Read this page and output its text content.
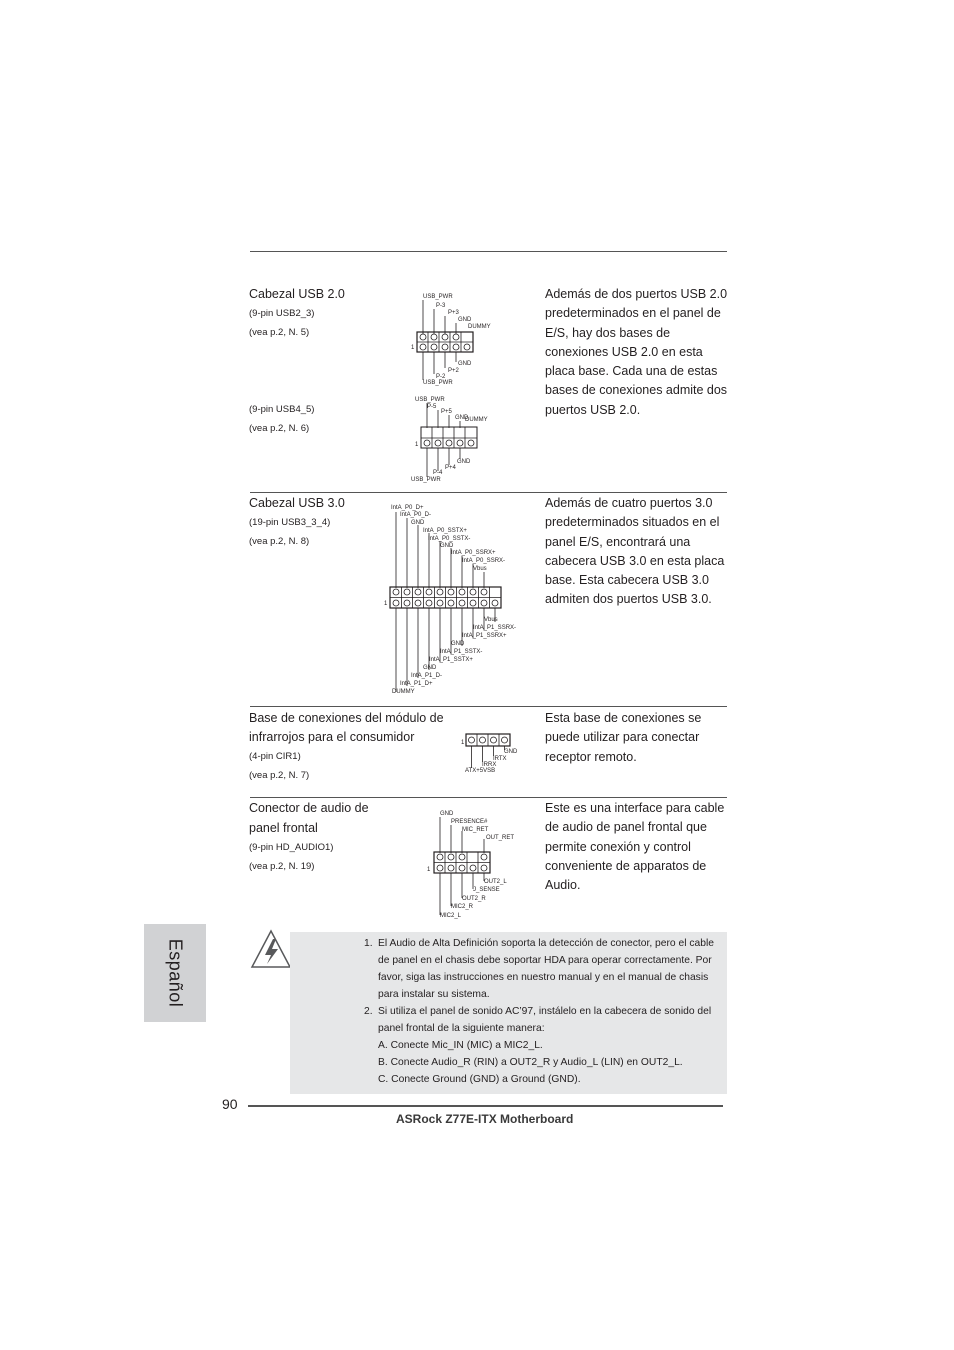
Cabezal USB 2.0
(9-pin USB2_3)
(vea p.2, N. 5)
(9-pin USB4_5)
(vea p.2, N. 6)
Además de dos puertos USB 2.0 predeterminados en el panel de E/S, hay dos bases de conexiones USB 2.0 en esta placa base. Cada una de estas bases de conexiones admite dos puertos USB 2.0.
USB_PWR
P-3
P+3
GND
DUMMY
GND
P+2
P-2
USB_PWR
1
USB_PWR
P-5
P+5
GND
DUMMY
GND
P+4
P-4
USB_PWR
1
Cabezal USB 3.0
(19-pin USB3_3_4)
(vea p.2, N. 8)
Además de cuatro puertos 3.0 predeterminados situados en el panel E/S, encontrará una cabecera USB 3.0 en esta placa base. Esta cabecera USB 3.0 admiten dos puertos USB 3.0.
1
IntA_P0_D+
IntA_P0_D-
GND
IntA_P0_SSTX+
IntA_P0_SSTX-
GND
IntA_P0_SSRX+
IntA_P0_SSRX-
Vbus
Vbus
IntA_P1_SSRX-
IntA_P1_SSRX+
GND
IntA_P1_SSTX-
IntA_P1_SSTX+
GND
IntA_P1_D-
IntA_P1_D+
DUMMY
Base de conexiones del módulo de
infrarrojos para el consumidor
(4-pin CIR1)
(vea p.2, N. 7)
Esta base de conexiones se puede utilizar para conectar receptor remoto.
1
GND
IRTX
IRRX
ATX+5VSB
Conector de audio de
panel frontal
(9-pin HD_AUDIO1)
(vea p.2, N. 19)
Este es una interface para cable de audio de panel frontal que permite conexión y control conveniente de apparatos de Audio.
1
GND
PRESENCE#
MIC_RET
OUT_RET
OUT2_L
J_SENSE
OUT2_R
MIC2_R
MIC2_L
Español	1. El Audio de Alta Definición soporta la detección de conector, pero el cable de panel en el chasis debe soportar HDA para operar correctamente. Por favor, siga las instrucciones en nuestro manual y en el manual de chasis para instalar su sistema.
2. Si utiliza el panel de sonido AC’97, instálelo en la cabecera de sonido del panel frontal de la siguiente manera:
A. Conecte Mic_IN (MIC) a MIC2_L.
B. Conecte Audio_R (RIN) a OUT2_R y Audio_L (LIN) en OUT2_L.
C. Conecte Ground (GND) a Ground (GND).
90
ASRock Z77E-ITX Motherboard
